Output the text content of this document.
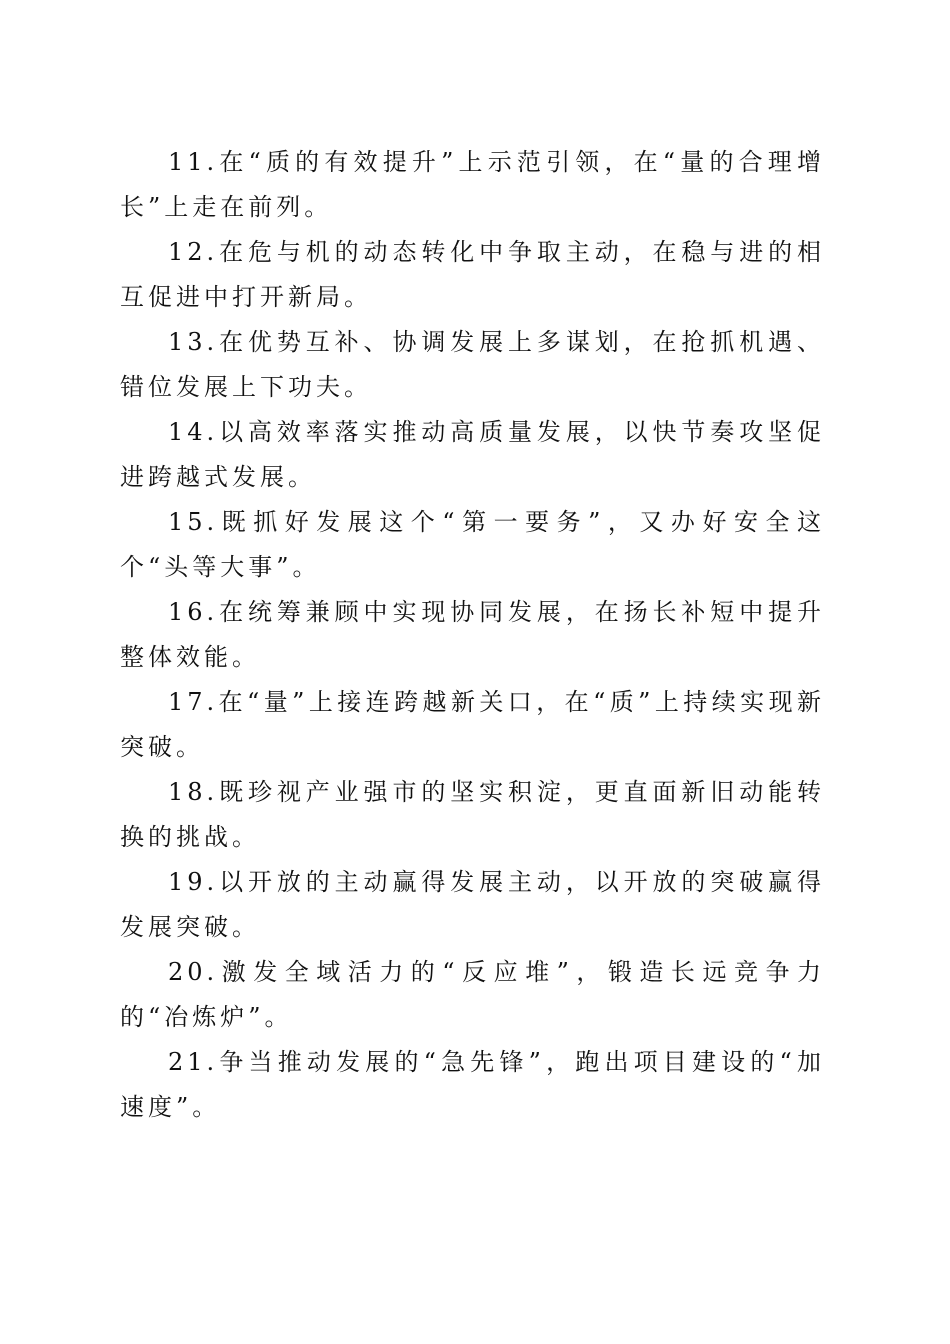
11.在“质的有效提升”上示范引领，在“量的合理增长”上走在前列。

12.在危与机的动态转化中争取主动，在稳与进的相互促进中打开新局。

13.在优势互补、协调发展上多谋划，在抢抓机遇、错位发展上下功夫。

14.以高效率落实推动高质量发展，以快节奏攻坚促进跨越式发展。

15.既抓好发展这个“第一要务”，又办好安全这个“头等大事”。

16.在统筹兼顾中实现协同发展，在扬长补短中提升整体效能。

17.在“量”上接连跨越新关口，在“质”上持续实现新突破。

18.既珍视产业强市的坚实积淀，更直面新旧动能转换的挑战。

19.以开放的主动赢得发展主动，以开放的突破赢得发展突破。

20.激发全域活力的“反应堆”，锻造长远竞争力的“冶炼炉”。

21.争当推动发展的“急先锋”，跑出项目建设的“加速度”。
